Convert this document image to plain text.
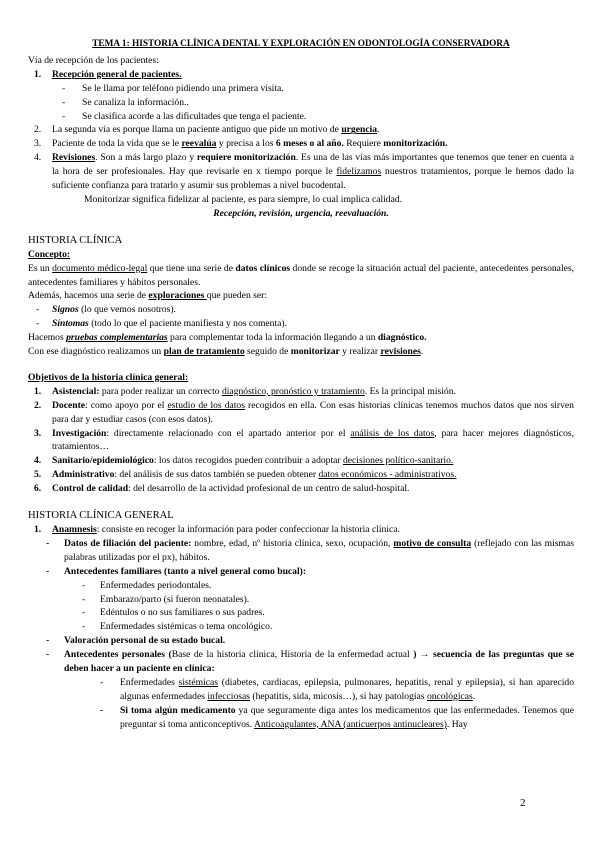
TEMA 1: HISTORIA CLÍNICA DENTAL Y EXPLORACIÓN EN ODONTOLOGÍA CONSERVADORA

Vía de recepción de los pacientes:

1. Recepción general de pacientes.
- Se le llama por teléfono pidiendo una primera visita.
- Se canaliza la información..
- Se clasifica acorde a las dificultades que tenga el paciente.
2. La segunda vía es porque llama un paciente antiguo que pide un motivo de urgencia.
3. Paciente de toda la vida que se le reevalúa y precisa a los 6 meses o al año. Requiere monitorización.
4. Revisiones. Son a más largo plazo y requiere monitorización. Es una de las vías más importantes que tenemos que tener en cuenta a la hora de ser profesionales. Hay que revisarle en x tiempo porque le fidelizamos nuestros tratamientos, porque le hemos dado la suficiente confianza para tratarlo y asumir sus problemas a nivel bucodental.

Monitorizar significa fidelizar al paciente, es para siempre, lo cual implica calidad.

Recepción, revisión, urgencia, reevaluación.

HISTORIA CLÍNICA

Concepto:

Es un documento médico-legal que tiene una serie de datos clínicos donde se recoge la situación actual del paciente, antecedentes personales, antecedentes familiares y hábitos personales.

Además, hacemos una serie de exploraciones que pueden ser:

- Signos (lo que vemos nosotros).
- Síntomas (todo lo que el paciente manifiesta y nos comenta).

Hacemos pruebas complementarias para complementar toda la información llegando a un diagnóstico.

Con ese diagnóstico realizamos un plan de tratamiento seguido de monitorizar y realizar revisiones.

Objetivos de la historia clínica general:

1. Asistencial: para poder realizar un correcto diagnóstico, pronóstico y tratamiento. Es la principal misión.
2. Docente: como apoyo por el estudio de los datos recogidos en ella. Con esas historias clínicas tenemos muchos datos que nos sirven para dar y estudiar casos (con esos datos).
3. Investigación: directamente relacionado con el apartado anterior por el análisis de los datos, para hacer mejores diagnósticos, tratamientos…
4. Sanitario/epidemiológico: los datos recogidos pueden contribuir a adoptar decisiones político-sanitario.
5. Administrativo: del análisis de sus datos también se pueden obtener datos económicos - administrativos.
6. Control de calidad: del desarrollo de la actividad profesional de un centro de salud-hospital.

HISTORIA CLÍNICA GENERAL

1. Anamnesis: consiste en recoger la información para poder confeccionar la historia clínica.
- Datos de filiación del paciente: nombre, edad, nº historia clínica, sexo, ocupación, motivo de consulta (reflejado con las mismas palabras utilizadas por el px), hábitos.
- Antecedentes familiares (tanto a nivel general como bucal):
- Enfermedades periodontales.
- Embarazo/parto (si fueron neonatales).
- Edéntulos o no sus familiares o sus padres.
- Enfermedades sistémicas o tema oncológico.
- Valoración personal de su estado bucal.
- Antecedentes personales (Base de la historia clínica, Historia de la enfermedad actual ) → secuencia de las preguntas que se deben hacer a un paciente en clínica:
- Enfermedades sistémicas (diabetes, cardiacas, epilepsia, pulmonares, hepatitis, renal y epilepsia), si han aparecido algunas enfermedades infecciosas (hepatitis, sida, micosis…), si hay patologías oncológicas.
- Si toma algún medicamento ya que seguramente diga antes los medicamentos que las enfermedades. Tenemos que preguntar si toma anticonceptivos. Anticoagulantes, ANA (anticuerpos antinucleares). Hay
2
